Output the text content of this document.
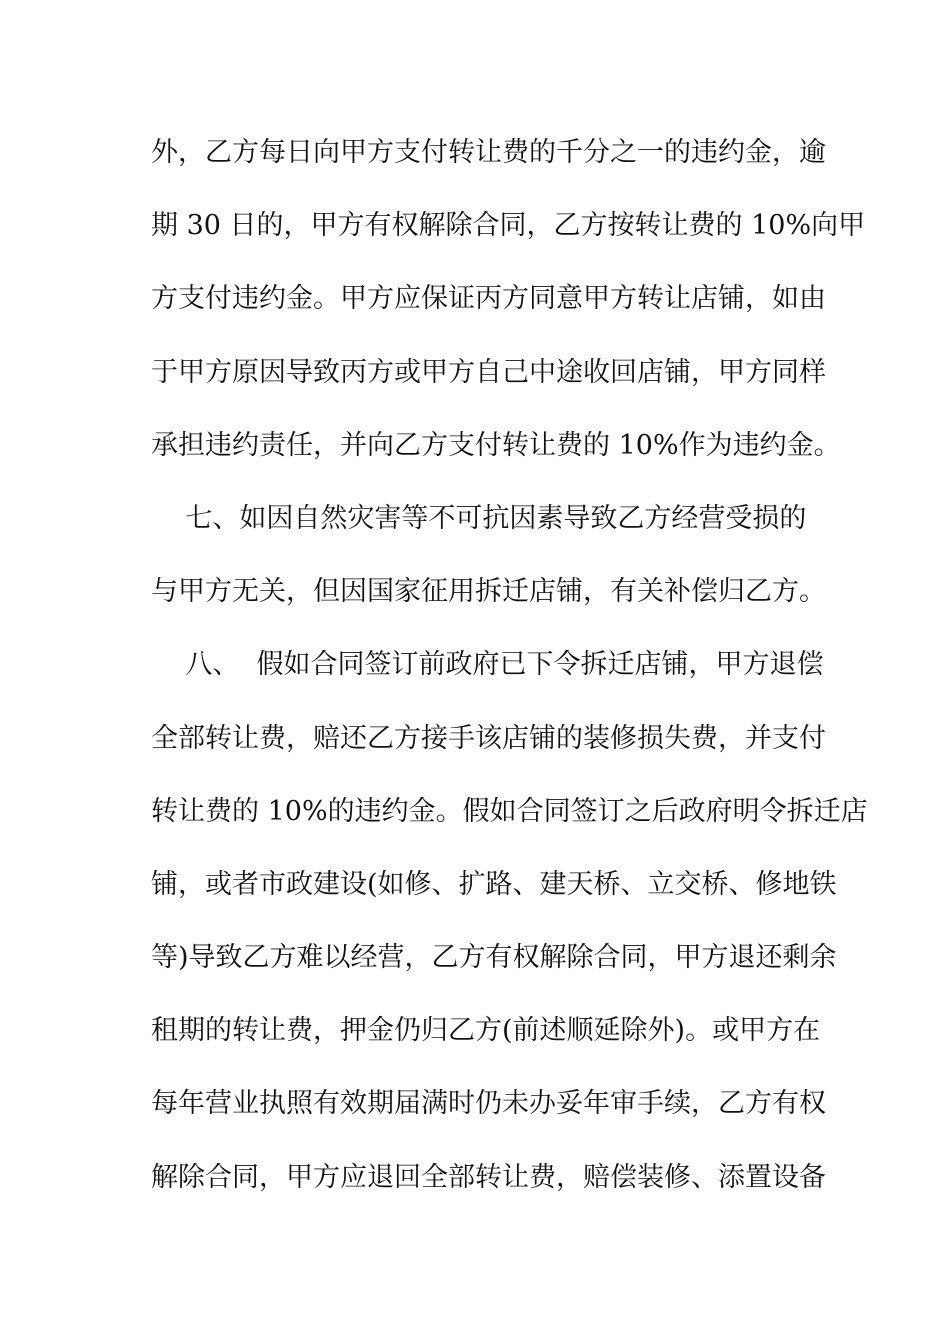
外，乙方每日向甲方支付转让费的千分之一的违约金，逾
期 30 日的，甲方有权解除合同，乙方按转让费的 10%向甲
方支付违约金。甲方应保证丙方同意甲方转让店铺，如由
于甲方原因导致丙方或甲方自己中途收回店铺，甲方同样
承担违约责任，并向乙方支付转让费的 10%作为违约金。
七、如因自然灾害等不可抗因素导致乙方经营受损的
与甲方无关，但因国家征用拆迁店铺，有关补偿归乙方。
八、  假如合同签订前政府已下令拆迁店铺，甲方退偿
全部转让费，赔还乙方接手该店铺的装修损失费，并支付
转让费的 10%的违约金。假如合同签订之后政府明令拆迁店
铺，或者市政建设(如修、扩路、建天桥、立交桥、修地铁
等)导致乙方难以经营，乙方有权解除合同，甲方退还剩余
租期的转让费，押金仍归乙方(前述顺延除外)。或甲方在
每年营业执照有效期届满时仍未办妥年审手续，乙方有权
解除合同，甲方应退回全部转让费，赔偿装修、添置设备
